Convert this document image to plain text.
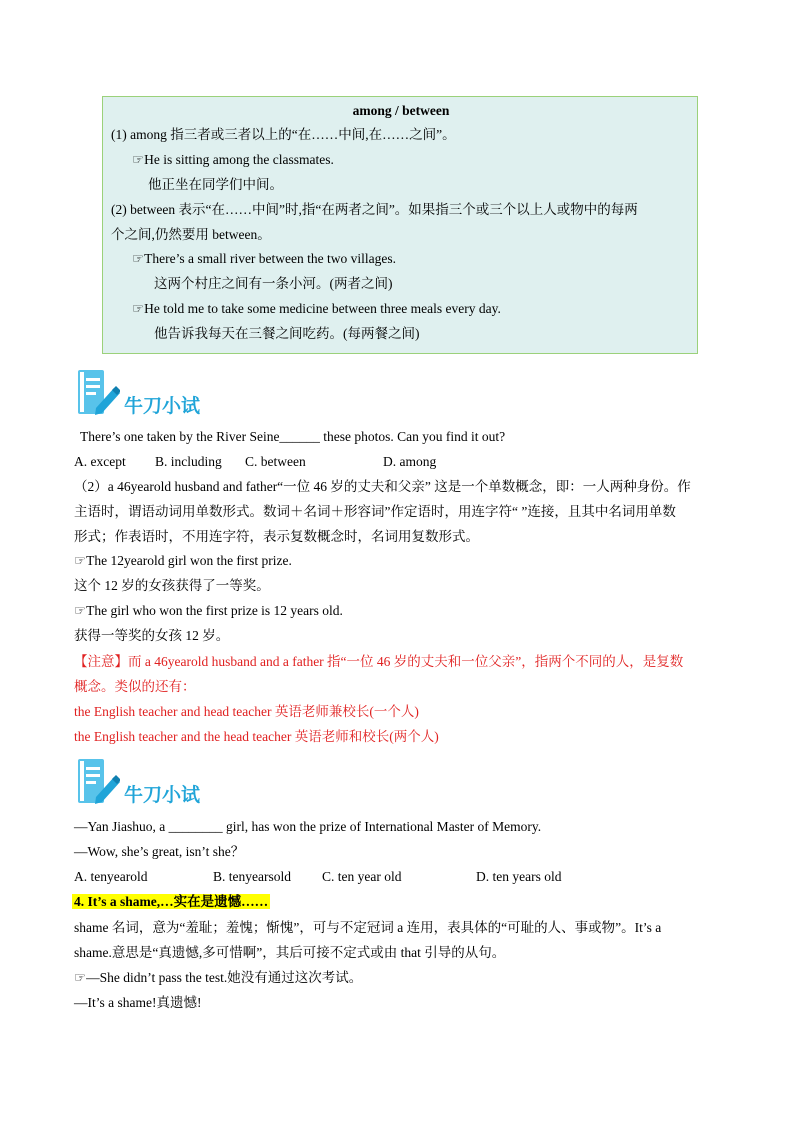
among / between
(1) among 指三者或三者以上的“在……中间,在……之间”。
☞He is sitting among the classmates.
他正坐在同学们中间。
(2) between 表示“在……中间”时,指“在两者之间”。如果指三个或三个以上人或物中的每两
个之间,仍然要用 between。
☞There’s a small river between the two villages.
这两个村庄之间有一条小河。(两者之间)
☞He told me to take some medicine between three meals every day.
他告诉我每天在三餐之间吃药。(每两餐之间)
牛刀小试
There’s one taken by the River Seine______ these photos. Can you find it out?
A. except B. including C. between	D. among
（2）a 46yearold husband and father“一位 46 岁的丈夫和父亲” 这是一个单数概念，即：一人两种身份。作
主语时，谓语动词用单数形式。数词＋名词＋形容词”作定语时，用连字符“ ”连接，且其中名词用单数
形式；作表语时，不用连字符，表示复数概念时，名词用复数形式。
☞The 12yearold girl won the first prize.
这个 12 岁的女孩获得了一等奖。
☞The girl who won the first prize is 12 years old.
获得一等奖的女孩 12 岁。
【注意】而 a 46yearold husband and a father 指“一位 46 岁的丈夫和一位父亲”，指两个不同的人，是复数
概念。类似的还有：
the English teacher and head teacher 英语老师兼校长(一个人)
the English teacher and the head teacher 英语老师和校长(两个人)
牛刀小试
—Yan Jiashuo, a ________ girl, has won the prize of International Master of Memory.
—Wow, she’s great, isn’t she？
A. tenyearold	B. tenyearsold C. ten year old	D. ten years old
4. It’s a shame,…实在是遗憾……
shame 名词，意为“羞耻；羞愧；惭愧”，可与不定冠词 a 连用，表具体的“可耻的人、事或物”。It’s a
shame.意思是“真遗憾,多可惜啊”，其后可接不定式或由 that 引导的从句。
☞—She didn’t pass the test.她没有通过这次考试。
—It’s a shame!真遗憾!
